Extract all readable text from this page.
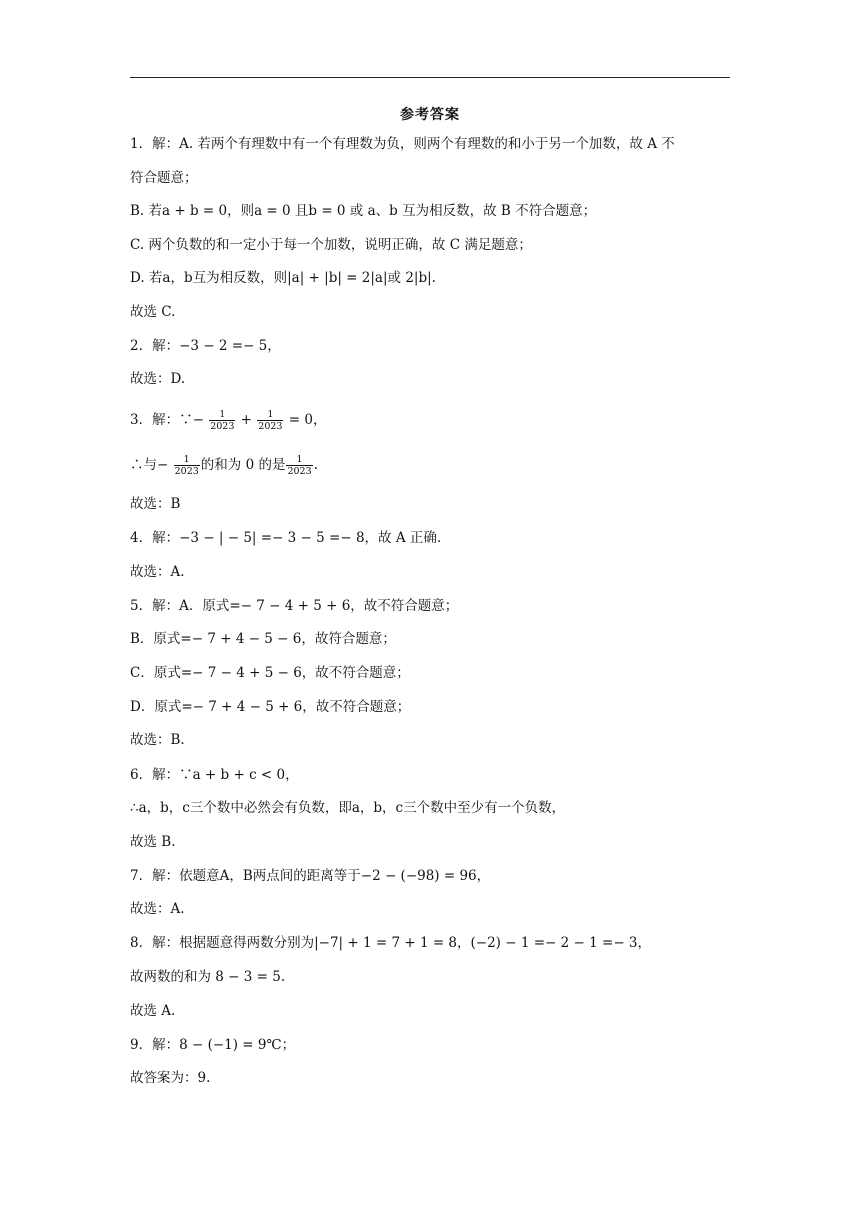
参考答案
1．解：A. 若两个有理数中有一个有理数为负，则两个有理数的和小于另一个加数，故 A 不
符合题意；
B. 若a + b = 0，则a = 0 且b = 0 或 a、b 互为相反数，故 B 不符合题意；
C. 两个负数的和一定小于每一个加数，说明正确，故 C 满足题意；
D. 若a，b互为相反数，则|a| + |b| = 2|a|或 2|b|.
故选 C.
2．解：−3 − 2 =− 5，
故选：D.
3．解：∵− $\frac{1}{2023} + \frac{1}{2023} = 0$，
∴与− $\frac{1}{2023}$ 的和为 0 的是 $\frac{1}{2023}$ .
故选：B
4．解：−3 − | − 5| =− 3 − 5 =− 8，故 A 正确.
故选：A.
5．解：A．原式=− 7 − 4 + 5 + 6，故不符合题意；
B．原式=− 7 + 4 − 5 − 6，故符合题意；
C．原式=− 7 − 4 + 5 − 6，故不符合题意；
D．原式=− 7 + 4 − 5 + 6，故不符合题意；
故选：B.
6．解：∵a + b + c < 0，
∴a，b，c三个数中必然会有负数，即a，b，c三个数中至少有一个负数，
故选 B.
7．解：依题意A，B两点间的距离等于−2 − (−98) = 96，
故选：A.
8．解：根据题意得两数分别为|−7| + 1 = 7 + 1 = 8，(−2) − 1 =− 2 − 1 =− 3，
故两数的和为 8 − 3 = 5.
故选 A.
9．解：8 − (−1) = 9℃；
故答案为：9.
